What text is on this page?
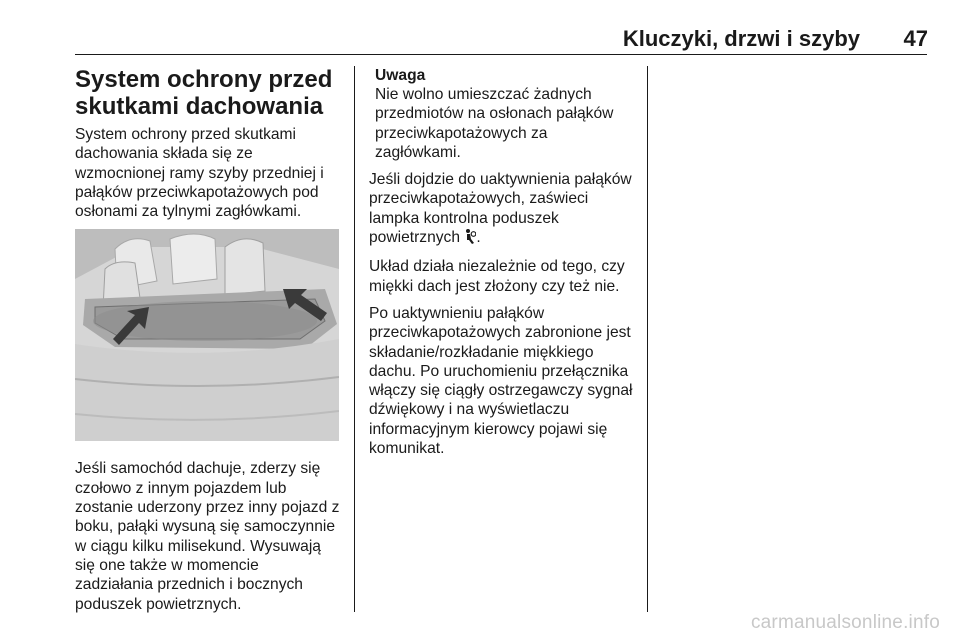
Kluczyki, drzwi i szyby	47
System ochrony przed
skutkami dachowania

System ochrony przed skutkami dachowania składa się ze wzmocnionej ramy szyby przedniej i pałąków przeciwkapotażowych pod osłonami za tylnymi zagłówkami.

Jeśli samochód dachuje, zderzy się czołowo z innym pojazdem lub zostanie uderzony przez inny pojazd z boku, pałąki wysuną się samoczynnie w ciągu kilku milisekund. Wysuwają się one także w momencie zadziałania przednich i bocznych poduszek powietrznych.

Uwaga

Nie wolno umieszczać żadnych przedmiotów na osłonach pałąków przeciwkapotażowych za zagłówkami.

Jeśli dojdzie do uaktywnienia pałąków przeciwkapotażowych, zaświeci lampka kontrolna poduszek powietrznych .

Układ działa niezależnie od tego, czy miękki dach jest złożony czy też nie.

Po uaktywnieniu pałąków przeciwkapotażowych zabronione jest składanie/rozkładanie miękkiego dachu. Po uruchomieniu przełącznika włączy się ciągły ostrzegawczy sygnał dźwiękowy i na wyświetlaczu informacyjnym kierowcy pojawi się komunikat.

carmanualsonline.info
